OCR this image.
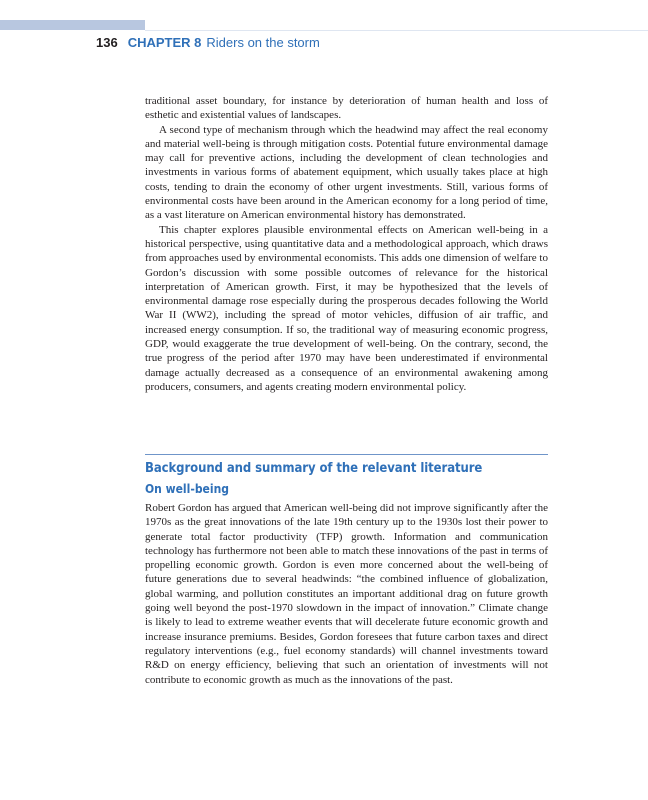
136 CHAPTER 8 Riders on the storm

traditional asset boundary, for instance by deterioration of human health and loss of esthetic and existential values of landscapes.

A second type of mechanism through which the headwind may affect the real economy and material well-being is through mitigation costs. Potential future environmental damage may call for preventive actions, including the development of clean technologies and investments in various forms of abatement equipment, which usually takes place at high costs, tending to drain the economy of other urgent investments. Still, various forms of environmental costs have been around in the American economy for a long period of time, as a vast literature on American environmental history has demonstrated.

This chapter explores plausible environmental effects on American well-being in a historical perspective, using quantitative data and a methodological approach, which draws from approaches used by environmental economists. This adds one dimension of welfare to Gordon’s discussion with some possible outcomes of relevance for the historical interpretation of American growth. First, it may be hypothesized that the levels of environmental damage rose especially during the prosperous decades following the World War II (WW2), including the spread of motor vehicles, diffusion of air traffic, and increased energy consumption. If so, the traditional way of measuring economic progress, GDP, would exaggerate the true development of well-being. On the contrary, second, the true progress of the period after 1970 may have been underestimated if environmental damage actually decreased as a consequence of an environmental awakening among producers, consumers, and agents creating modern environmental policy.

Background and summary of the relevant literature
On well-being

Robert Gordon has argued that American well-being did not improve significantly after the 1970s as the great innovations of the late 19th century up to the 1930s lost their power to generate total factor productivity (TFP) growth. Information and communication technology has furthermore not been able to match these innovations of the past in terms of propelling economic growth. Gordon is even more concerned about the well-being of future generations due to several headwinds: “the combined influence of globalization, global warming, and pollution constitutes an important additional drag on future growth going well beyond the post-1970 slowdown in the impact of innovation.” Climate change is likely to lead to extreme weather events that will decelerate future economic growth and increase insurance premiums. Besides, Gordon foresees that future carbon taxes and direct regulatory interventions (e.g., fuel economy standards) will channel investments toward R&D on energy efficiency, believing that such an orientation of investments will not contribute to economic growth as much as the innovations of the past.
